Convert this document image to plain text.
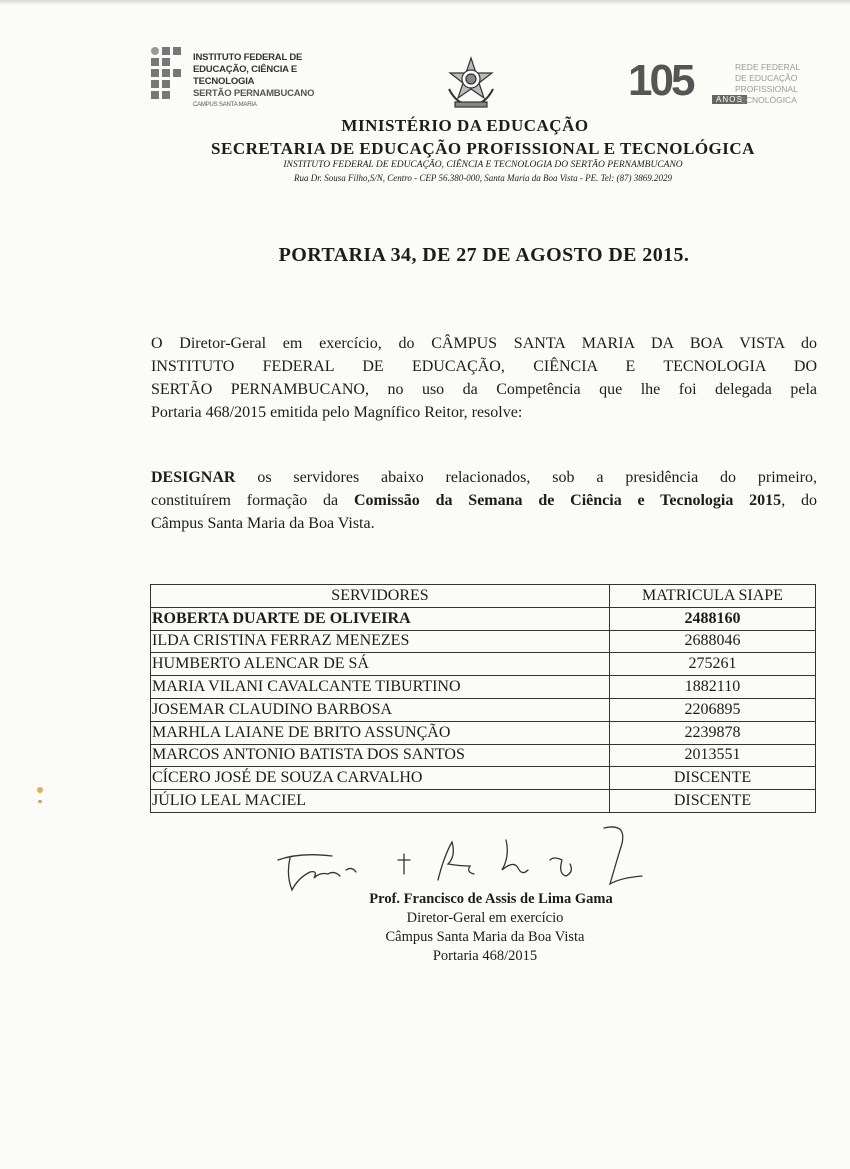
INSTITUTO FEDERAL DE
EDUCAÇÃO, CIÊNCIA E TECNOLOGIA
SERTÃO PERNAMBUCANO
CAMPUS SANTA MARIA	105	ANOS
REDE FEDERAL
DE EDUCAÇÃO
PROFISSIONAL
TECNOLÓGICA
MINISTÉRIO DA EDUCAÇÃO
SECRETARIA DE EDUCAÇÃO PROFISSIONAL E TECNOLÓGICA
INSTITUTO FEDERAL DE EDUCAÇÃO, CIÊNCIA E TECNOLOGIA DO SERTÃO PERNAMBUCANO
Rua Dr. Sousa Filho,S/N, Centro - CEP 56.380-000, Santa Maria da Boa Vista - PE. Tel: (87) 3869.2029
PORTARIA 34, DE 27 DE AGOSTO DE 2015.
O Diretor-Geral em exercício, do CÂMPUS SANTA MARIA DA BOA VISTA do
INSTITUTO FEDERAL DE EDUCAÇÃO, CIÊNCIA E TECNOLOGIA DO
SERTÃO PERNAMBUCANO, no uso da Competência que lhe foi delegada pela
Portaria 468/2015 emitida pelo Magnífico Reitor, resolve:
DESIGNAR os servidores abaixo relacionados, sob a presidência do primeiro,
constituírem formação da Comissão da Semana de Ciência e Tecnologia 2015, do
Câmpus Santa Maria da Boa Vista.
SERVIDORES	MATRICULA SIAPE
ROBERTA DUARTE DE OLIVEIRA	2488160
ILDA CRISTINA FERRAZ MENEZES	2688046
HUMBERTO ALENCAR DE SÁ	275261
MARIA VILANI CAVALCANTE TIBURTINO	1882110
JOSEMAR CLAUDINO BARBOSA	2206895
MARHLA LAIANE DE BRITO ASSUNÇÃO	2239878
MARCOS ANTONIO BATISTA DOS SANTOS	2013551
CÍCERO JOSÉ DE SOUZA CARVALHO	DISCENTE
JÚLIO LEAL MACIEL	DISCENTE
Prof. Francisco de Assis de Lima Gama
Diretor-Geral em exercício
Câmpus Santa Maria da Boa Vista
Portaria 468/2015
